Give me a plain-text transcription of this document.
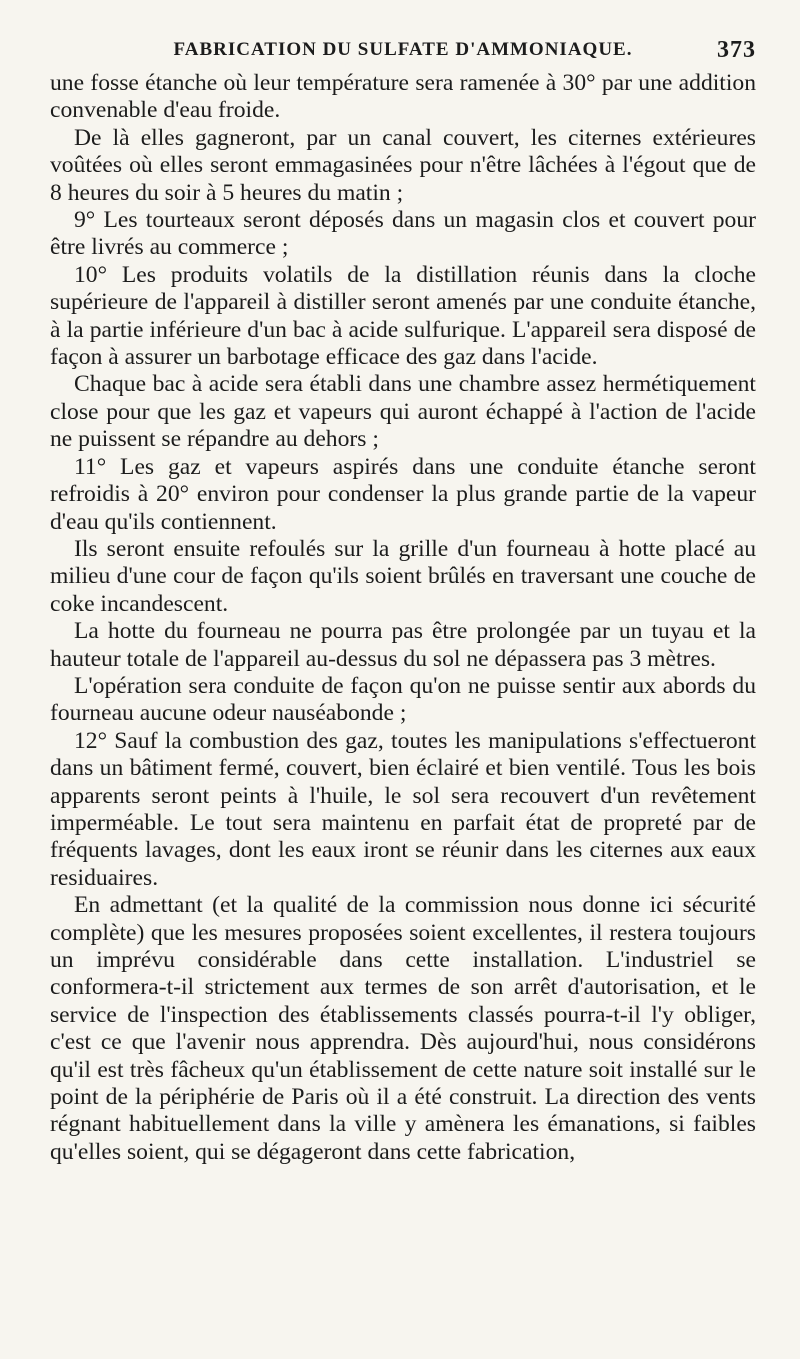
FABRICATION DU SULFATE D'AMMONIAQUE.	373

une fosse étanche où leur température sera ramenée à 30° par une addition convenable d'eau froide.

De là elles gagneront, par un canal couvert, les citernes extérieures voûtées où elles seront emmagasinées pour n'être lâchées à l'égout que de 8 heures du soir à 5 heures du matin ;

9° Les tourteaux seront déposés dans un magasin clos et couvert pour être livrés au commerce ;

10° Les produits volatils de la distillation réunis dans la cloche supérieure de l'appareil à distiller seront amenés par une conduite étanche, à la partie inférieure d'un bac à acide sulfurique. L'appareil sera disposé de façon à assurer un barbotage efficace des gaz dans l'acide.

Chaque bac à acide sera établi dans une chambre assez hermétiquement close pour que les gaz et vapeurs qui auront échappé à l'action de l'acide ne puissent se répandre au dehors ;

11° Les gaz et vapeurs aspirés dans une conduite étanche seront refroidis à 20° environ pour condenser la plus grande partie de la vapeur d'eau qu'ils contiennent.

Ils seront ensuite refoulés sur la grille d'un fourneau à hotte placé au milieu d'une cour de façon qu'ils soient brûlés en traversant une couche de coke incandescent.

La hotte du fourneau ne pourra pas être prolongée par un tuyau et la hauteur totale de l'appareil au-dessus du sol ne dépassera pas 3 mètres.

L'opération sera conduite de façon qu'on ne puisse sentir aux abords du fourneau aucune odeur nauséabonde ;

12° Sauf la combustion des gaz, toutes les manipulations s'effectueront dans un bâtiment fermé, couvert, bien éclairé et bien ventilé. Tous les bois apparents seront peints à l'huile, le sol sera recouvert d'un revêtement imperméable. Le tout sera maintenu en parfait état de propreté par de fréquents lavages, dont les eaux iront se réunir dans les citernes aux eaux residuaires.

En admettant (et la qualité de la commission nous donne ici sécurité complète) que les mesures proposées soient excellentes, il restera toujours un imprévu considérable dans cette installation. L'industriel se conformera-t-il strictement aux termes de son arrêt d'autorisation, et le service de l'inspection des établissements classés pourra-t-il l'y obliger, c'est ce que l'avenir nous apprendra. Dès aujourd'hui, nous considérons qu'il est très fâcheux qu'un établissement de cette nature soit installé sur le point de la périphérie de Paris où il a été construit. La direction des vents régnant habituellement dans la ville y amènera les émanations, si faibles qu'elles soient, qui se dégageront dans cette fabrication,
